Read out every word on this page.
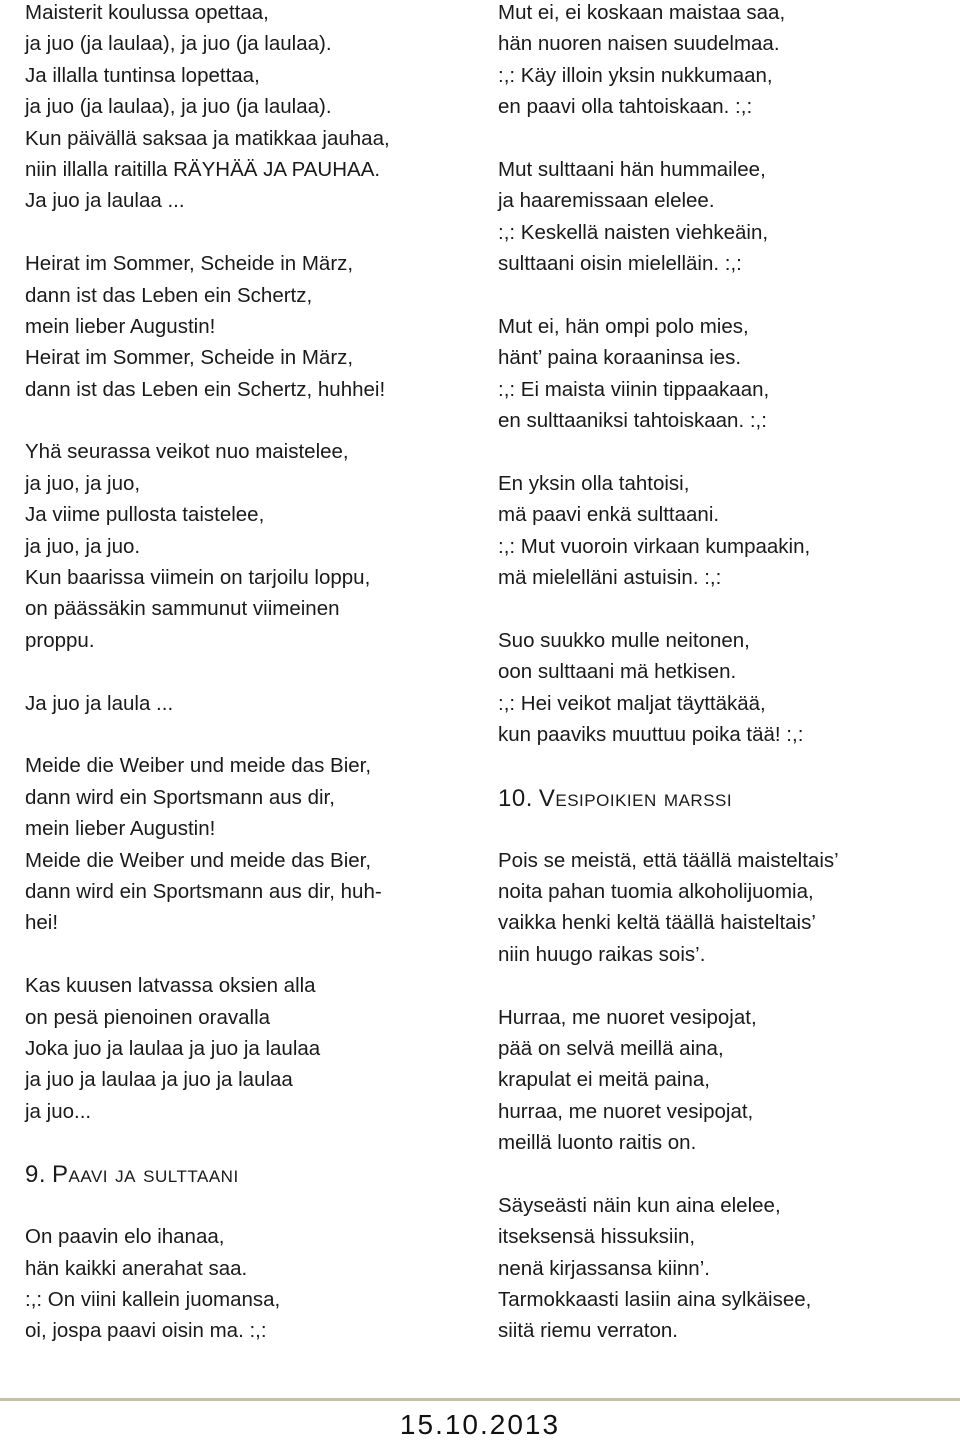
Maisterit koulussa opettaa,
ja juo (ja laulaa), ja juo (ja laulaa).
Ja illalla tuntinsa lopettaa,
ja juo (ja laulaa), ja juo (ja laulaa).
Kun päivällä saksaa ja matikkaa jauhaa,
niin illalla raitilla RÄYHÄÄ JA PAUHAA.
Ja juo ja laulaa ...
Heirat im Sommer, Scheide in März,
dann ist das Leben ein Schertz,
mein lieber Augustin!
Heirat im Sommer, Scheide in März,
dann ist das Leben ein Schertz, huhhei!
Yhä seurassa veikot nuo maistelee,
ja juo, ja juo,
Ja viime pullosta taistelee,
ja juo, ja juo.
Kun baarissa viimein on tarjoilu loppu,
on päässäkin sammunut viimeinen
proppu.
Ja juo ja laula ...
Meide die Weiber und meide das Bier,
dann wird ein Sportsmann aus dir,
mein lieber Augustin!
Meide die Weiber und meide das Bier,
dann wird ein Sportsmann aus dir, huh-
hei!
Kas kuusen latvassa oksien alla
on pesä pienoinen oravalla
Joka juo ja laulaa ja juo ja laulaa
ja juo ja laulaa ja juo ja laulaa
ja juo...
9. Paavi ja sulttaani
On paavin elo ihanaa,
hän kaikki anerahat saa.
:,: On viini kallein juomansa,
oi, jospa paavi oisin ma. :,:
Mut ei, ei koskaan maistaa saa,
hän nuoren naisen suudelmaa.
:,: Käy illoin yksin nukkumaan,
en paavi olla tahtoiskaan. :,:
Mut sulttaani hän hummailee,
ja haaremissaan elelee.
:,: Keskellä naisten viehkeäin,
sulttaani oisin mielelläin. :,:
Mut ei, hän ompi polo mies,
hänt’ paina koraaninsa ies.
:,: Ei maista viinin tippaakaan,
en sulttaaniksi tahtoiskaan. :,:
En yksin olla tahtoisi,
mä paavi enkä sulttaani.
:,: Mut vuoroin virkaan kumpaakin,
mä mielelläni astuisin. :,:
Suo suukko mulle neitonen,
oon sulttaani mä hetkisen.
:,: Hei veikot maljat täyttäkää,
kun paaviks muuttuu poika tää! :,:
10. Vesipoikien marssi
Pois se meistä, että täällä maisteltais’
noita pahan tuomia alkoholijuomia,
vaikka henki keltä täällä haisteltais’
niin huugo raikas sois’.
Hurraa, me nuoret vesipojat,
pää on selvä meillä aina,
krapulat ei meitä paina,
hurraa, me nuoret vesipojat,
meillä luonto raitis on.
Säyseästi näin kun aina elelee,
itseksensä hissuksiin,
nenä kirjassansa kiinn’.
Tarmokkaasti lasiin aina sylkäisee,
siitä riemu verraton.
15.10.2013
